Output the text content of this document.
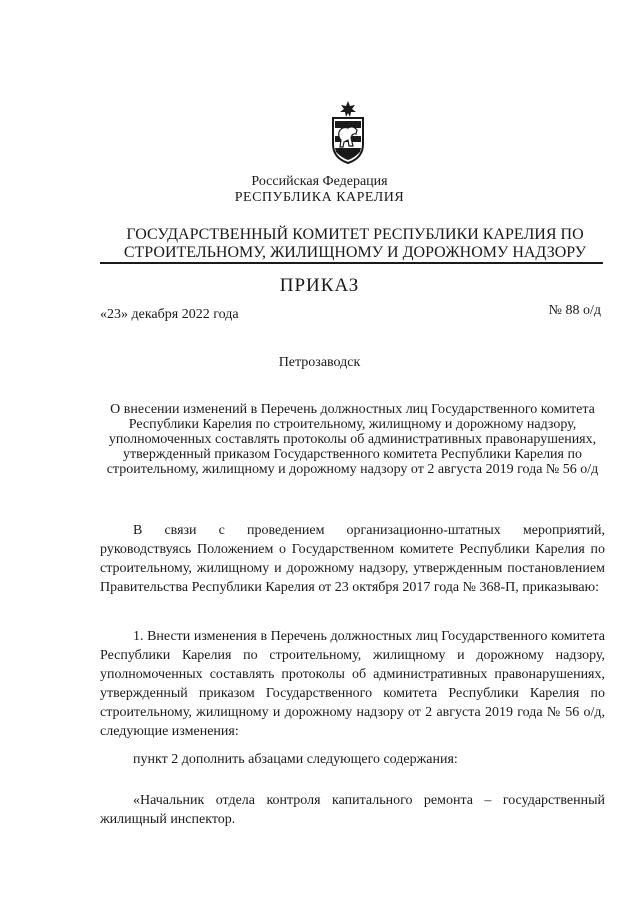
Российская Федерация
РЕСПУБЛИКА КАРЕЛИЯ
ГОСУДАРСТВЕННЫЙ КОМИТЕТ РЕСПУБЛИКИ КАРЕЛИЯ ПО СТРОИТЕЛЬНОМУ, ЖИЛИЩНОМУ И ДОРОЖНОМУ НАДЗОРУ
ПРИКАЗ
«23» декабря 2022 года	№ 88 о/д
Петрозаводск
О внесении изменений в Перечень должностных лиц Государственного комитета Республики Карелия по строительному, жилищному и дорожному надзору, уполномоченных составлять протоколы об административных правонарушениях, утвержденный приказом Государственного комитета Республики Карелия по строительному, жилищному и дорожному надзору от 2 августа 2019 года № 56 о/д
В связи с проведением организационно-штатных мероприятий, руководствуясь Положением о Государственном комитете Республики Карелия по строительному, жилищному и дорожному надзору, утвержденным постановлением Правительства Республики Карелия от 23 октября 2017 года № 368-П, приказываю:
1. Внести изменения в Перечень должностных лиц Государственного комитета Республики Карелия по строительному, жилищному и дорожному надзору, уполномоченных составлять протоколы об административных правонарушениях, утвержденный приказом Государственного комитета Республики Карелия по строительному, жилищному и дорожному надзору от 2 августа 2019 года № 56 о/д, следующие изменения:
пункт 2 дополнить абзацами следующего содержания:
«Начальник отдела контроля капитального ремонта – государственный жилищный инспектор.
